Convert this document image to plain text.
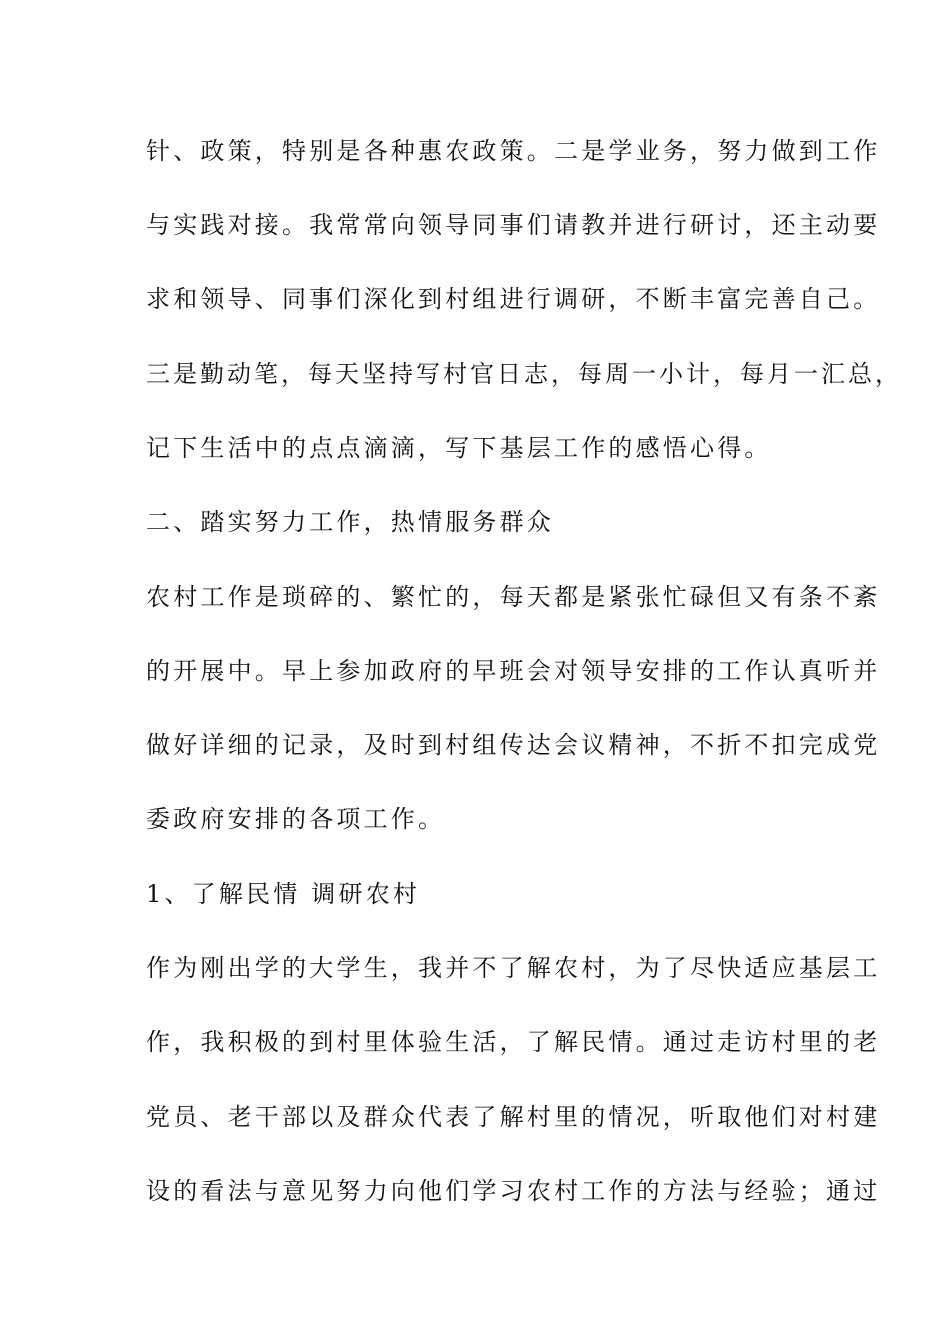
针、政策，特别是各种惠农政策。二是学业务，努力做到工作
与实践对接。我常常向领导同事们请教并进行研讨，还主动要
求和领导、同事们深化到村组进行调研，不断丰富完善自己。
三是勤动笔，每天坚持写村官日志，每周一小计，每月一汇总，
记下生活中的点点滴滴，写下基层工作的感悟心得。
二、踏实努力工作，热情服务群众
农村工作是琐碎的、繁忙的，每天都是紧张忙碌但又有条不紊
的开展中。早上参加政府的早班会对领导安排的工作认真听并
做好详细的记录，及时到村组传达会议精神，不折不扣完成党
委政府安排的各项工作。
1、了解民情 调研农村
作为刚出学的大学生，我并不了解农村，为了尽快适应基层工
作，我积极的到村里体验生活，了解民情。通过走访村里的老
党员、老干部以及群众代表了解村里的情况，听取他们对村建
设的看法与意见努力向他们学习农村工作的方法与经验；通过
